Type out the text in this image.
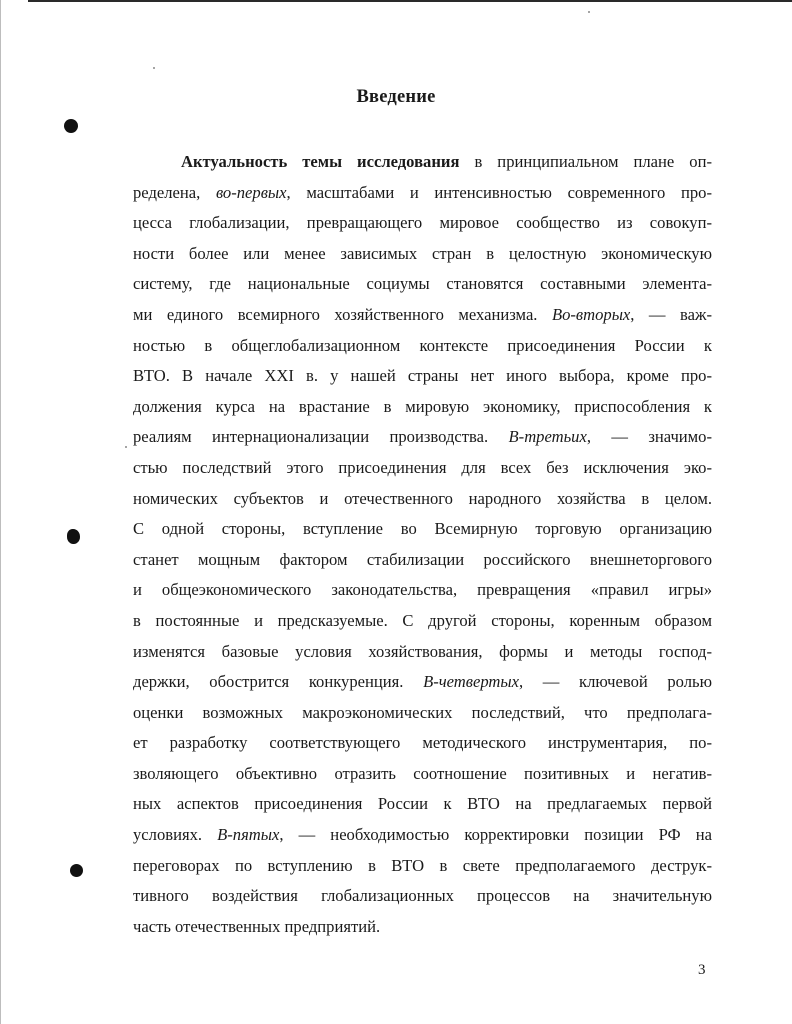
Введение
Актуальность темы исследования в принципиальном плане оп-
ределена, во-первых, масштабами и интенсивностью современного про-
цесса глобализации, превращающего мировое сообщество из совокуп-
ности более или менее зависимых стран в целостную экономическую
систему, где национальные социумы становятся составными элемента-
ми единого всемирного хозяйственного механизма. Во-вторых, — важ-
ностью в общеглобализационном контексте присоединения России к
ВТО. В начале XXI в. у нашей страны нет иного выбора, кроме про-
должения курса на врастание в мировую экономику, приспособления к
реалиям интернационализации производства. В-третьих, — значимо-
стью последствий этого присоединения для всех без исключения эко-
номических субъектов и отечественного народного хозяйства в целом.
С одной стороны, вступление во Всемирную торговую организацию
станет мощным фактором стабилизации российского внешнеторгового
и общеэкономического законодательства, превращения «правил игры»
в постоянные и предсказуемые. С другой стороны, коренным образом
изменятся базовые условия хозяйствования, формы и методы господ-
держки, обострится конкуренция. В-четвертых, — ключевой ролью
оценки возможных макроэкономических последствий, что предполага-
ет разработку соответствующего методического инструментария, по-
зволяющего объективно отразить соотношение позитивных и негатив-
ных аспектов присоединения России к ВТО на предлагаемых первой
условиях. В-пятых, — необходимостью корректировки позиции РФ на
переговорах по вступлению в ВТО в свете предполагаемого деструк-
тивного воздействия глобализационных процессов на значительную
часть отечественных предприятий.
3
